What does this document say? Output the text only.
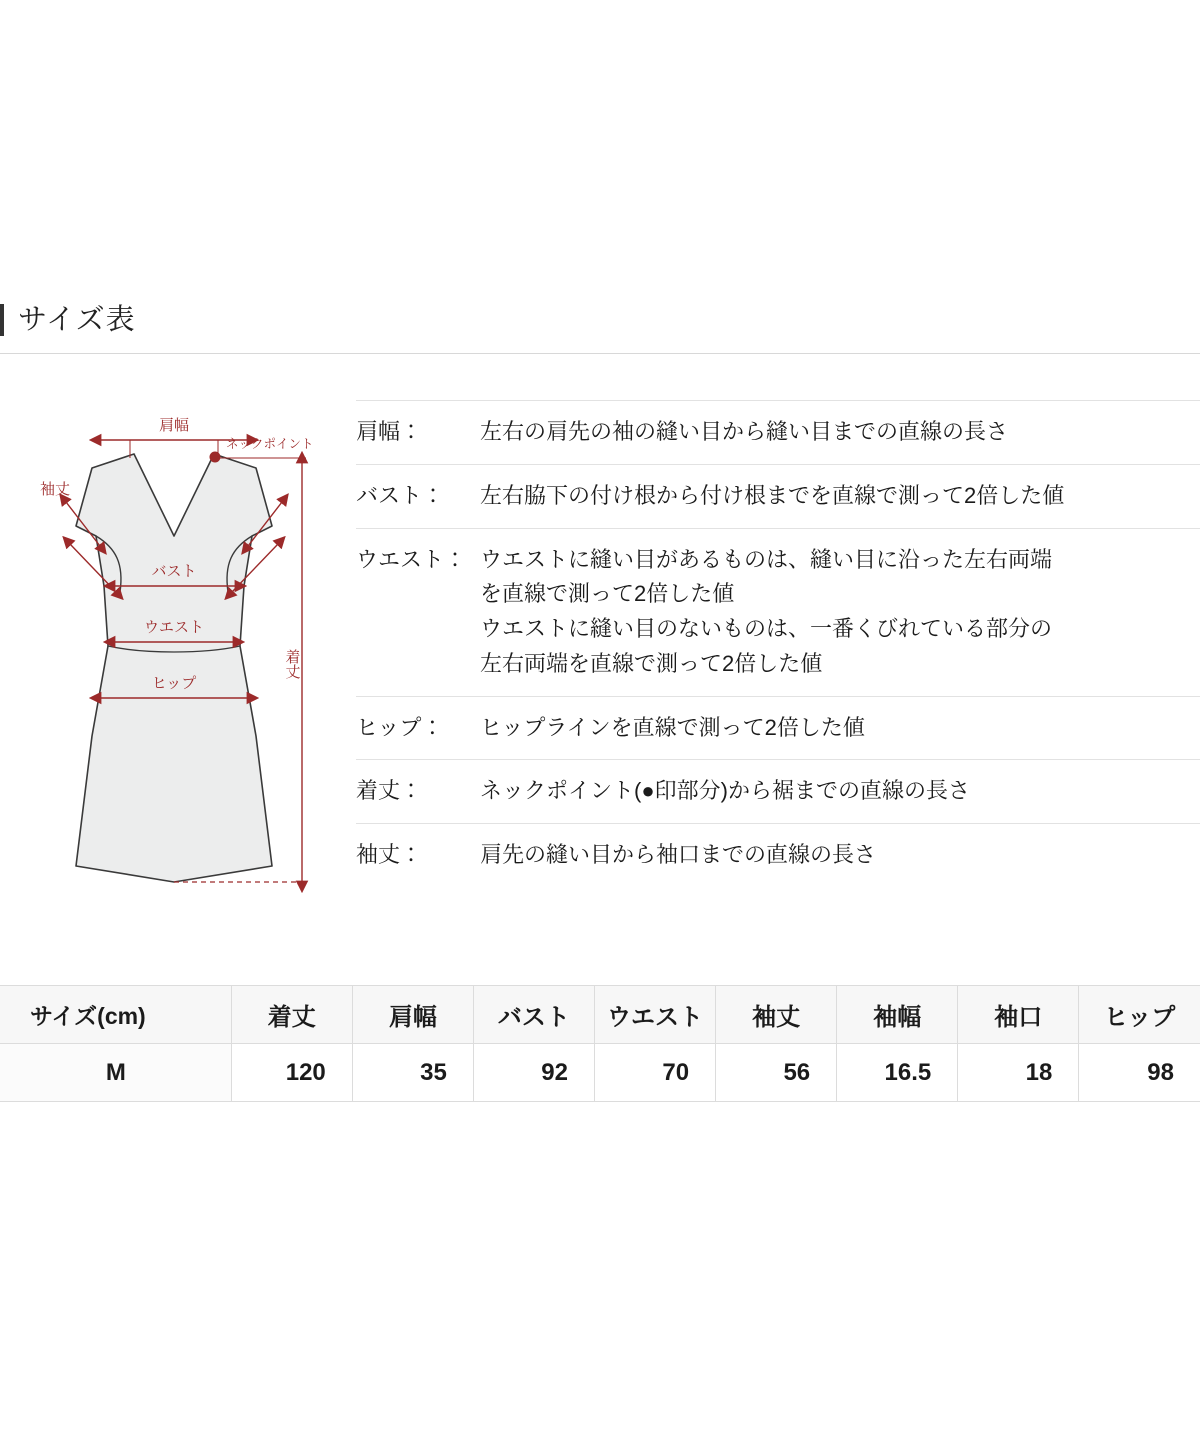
サイズ表
肩幅
ネックポイント
袖丈
バスト
ウエスト
ヒップ
着丈
肩幅：	左右の肩先の袖の縫い目から縫い目までの直線の長さ
バスト：	左右脇下の付け根から付け根までを直線で測って2倍した値
ウエスト： ウエストに縫い目があるものは、縫い目に沿った左右両端
を直線で測って2倍した値
ウエストに縫い目のないものは、一番くびれている部分の
左右両端を直線で測って2倍した値
ヒップ：	ヒップラインを直線で測って2倍した値
着丈：	ネックポイント(●印部分)から裾までの直線の長さ
袖丈：	肩先の縫い目から袖口までの直線の長さ
サイズ(cm)	着丈	肩幅	バスト	ウエスト	袖丈	袖幅	袖口	ヒップ
M	120	35	92	70	56	16.5	18	98
